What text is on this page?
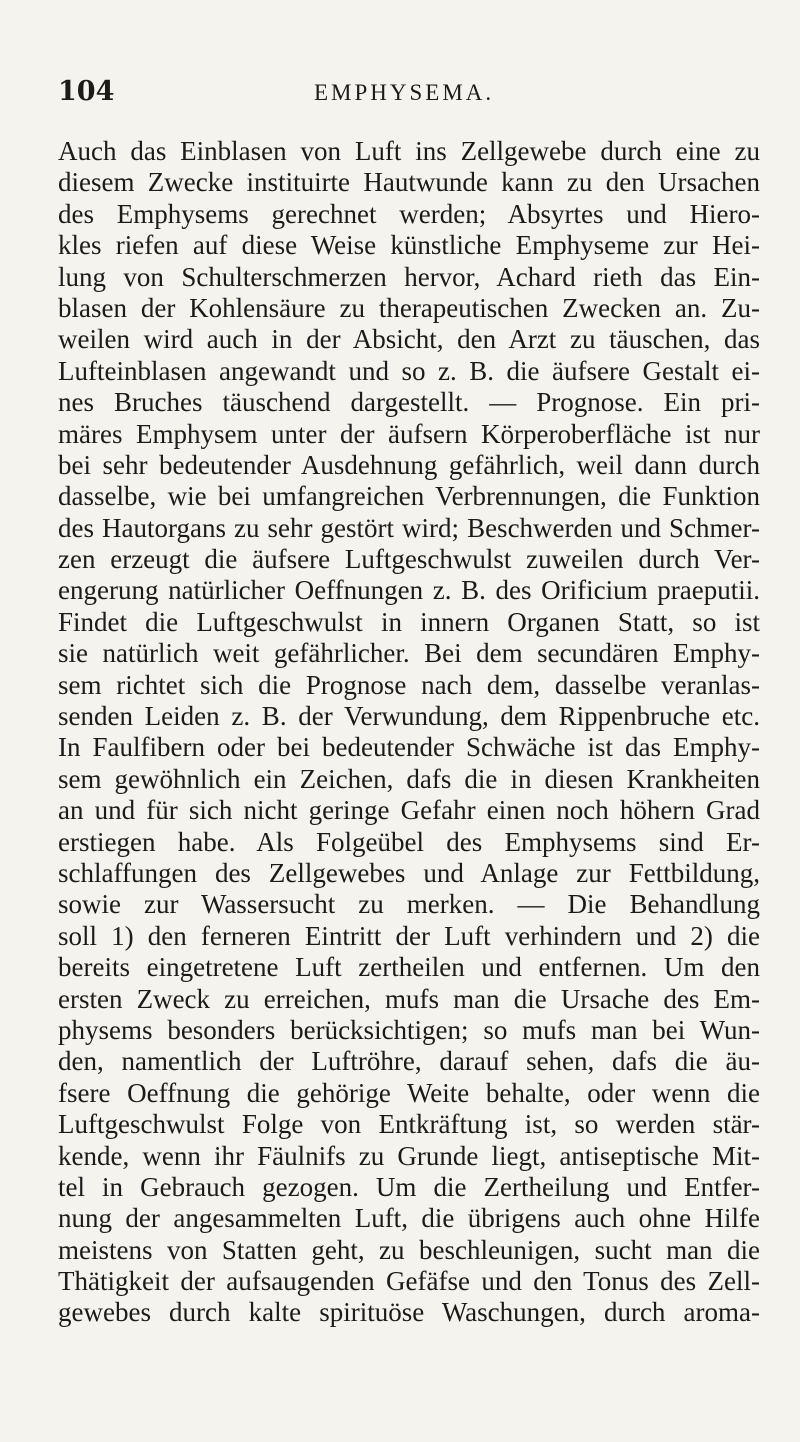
104	EMPHYSEMA.
Auch das Einblasen von Luft ins Zellgewebe durch eine zu
diesem Zwecke instituirte Hautwunde kann zu den Ursachen
des Emphysems gerechnet werden; Absyrtes und Hiero-
kles riefen auf diese Weise künstliche Emphyseme zur Hei-
lung von Schulterschmerzen hervor, Achard rieth das Ein-
blasen der Kohlensäure zu therapeutischen Zwecken an. Zu-
weilen wird auch in der Absicht, den Arzt zu täuschen, das
Lufteinblasen angewandt und so z. B. die äufsere Gestalt ei-
nes Bruches täuschend dargestellt. — Prognose. Ein pri-
märes Emphysem unter der äufsern Körperoberfläche ist nur
bei sehr bedeutender Ausdehnung gefährlich, weil dann durch
dasselbe, wie bei umfangreichen Verbrennungen, die Funktion
des Hautorgans zu sehr gestört wird; Beschwerden und Schmer-
zen erzeugt die äufsere Luftgeschwulst zuweilen durch Ver-
engerung natürlicher Oeffnungen z. B. des Orificium praeputii.
Findet die Luftgeschwulst in innern Organen Statt, so ist
sie natürlich weit gefährlicher. Bei dem secundären Emphy-
sem richtet sich die Prognose nach dem, dasselbe veranlas-
senden Leiden z. B. der Verwundung, dem Rippenbruche etc.
In Faulfibern oder bei bedeutender Schwäche ist das Emphy-
sem gewöhnlich ein Zeichen, dafs die in diesen Krankheiten
an und für sich nicht geringe Gefahr einen noch höhern Grad
erstiegen habe. Als Folgeübel des Emphysems sind Er-
schlaffungen des Zellgewebes und Anlage zur Fettbildung,
sowie zur Wassersucht zu merken. — Die Behandlung
soll 1) den ferneren Eintritt der Luft verhindern und 2) die
bereits eingetretene Luft zertheilen und entfernen. Um den
ersten Zweck zu erreichen, mufs man die Ursache des Em-
physems besonders berücksichtigen; so mufs man bei Wun-
den, namentlich der Luftröhre, darauf sehen, dafs die äu-
fsere Oeffnung die gehörige Weite behalte, oder wenn die
Luftgeschwulst Folge von Entkräftung ist, so werden stär-
kende, wenn ihr Fäulnifs zu Grunde liegt, antiseptische Mit-
tel in Gebrauch gezogen. Um die Zertheilung und Entfer-
nung der angesammelten Luft, die übrigens auch ohne Hilfe
meistens von Statten geht, zu beschleunigen, sucht man die
Thätigkeit der aufsaugenden Gefäfse und den Tonus des Zell-
gewebes durch kalte spirituöse Waschungen, durch aroma-
